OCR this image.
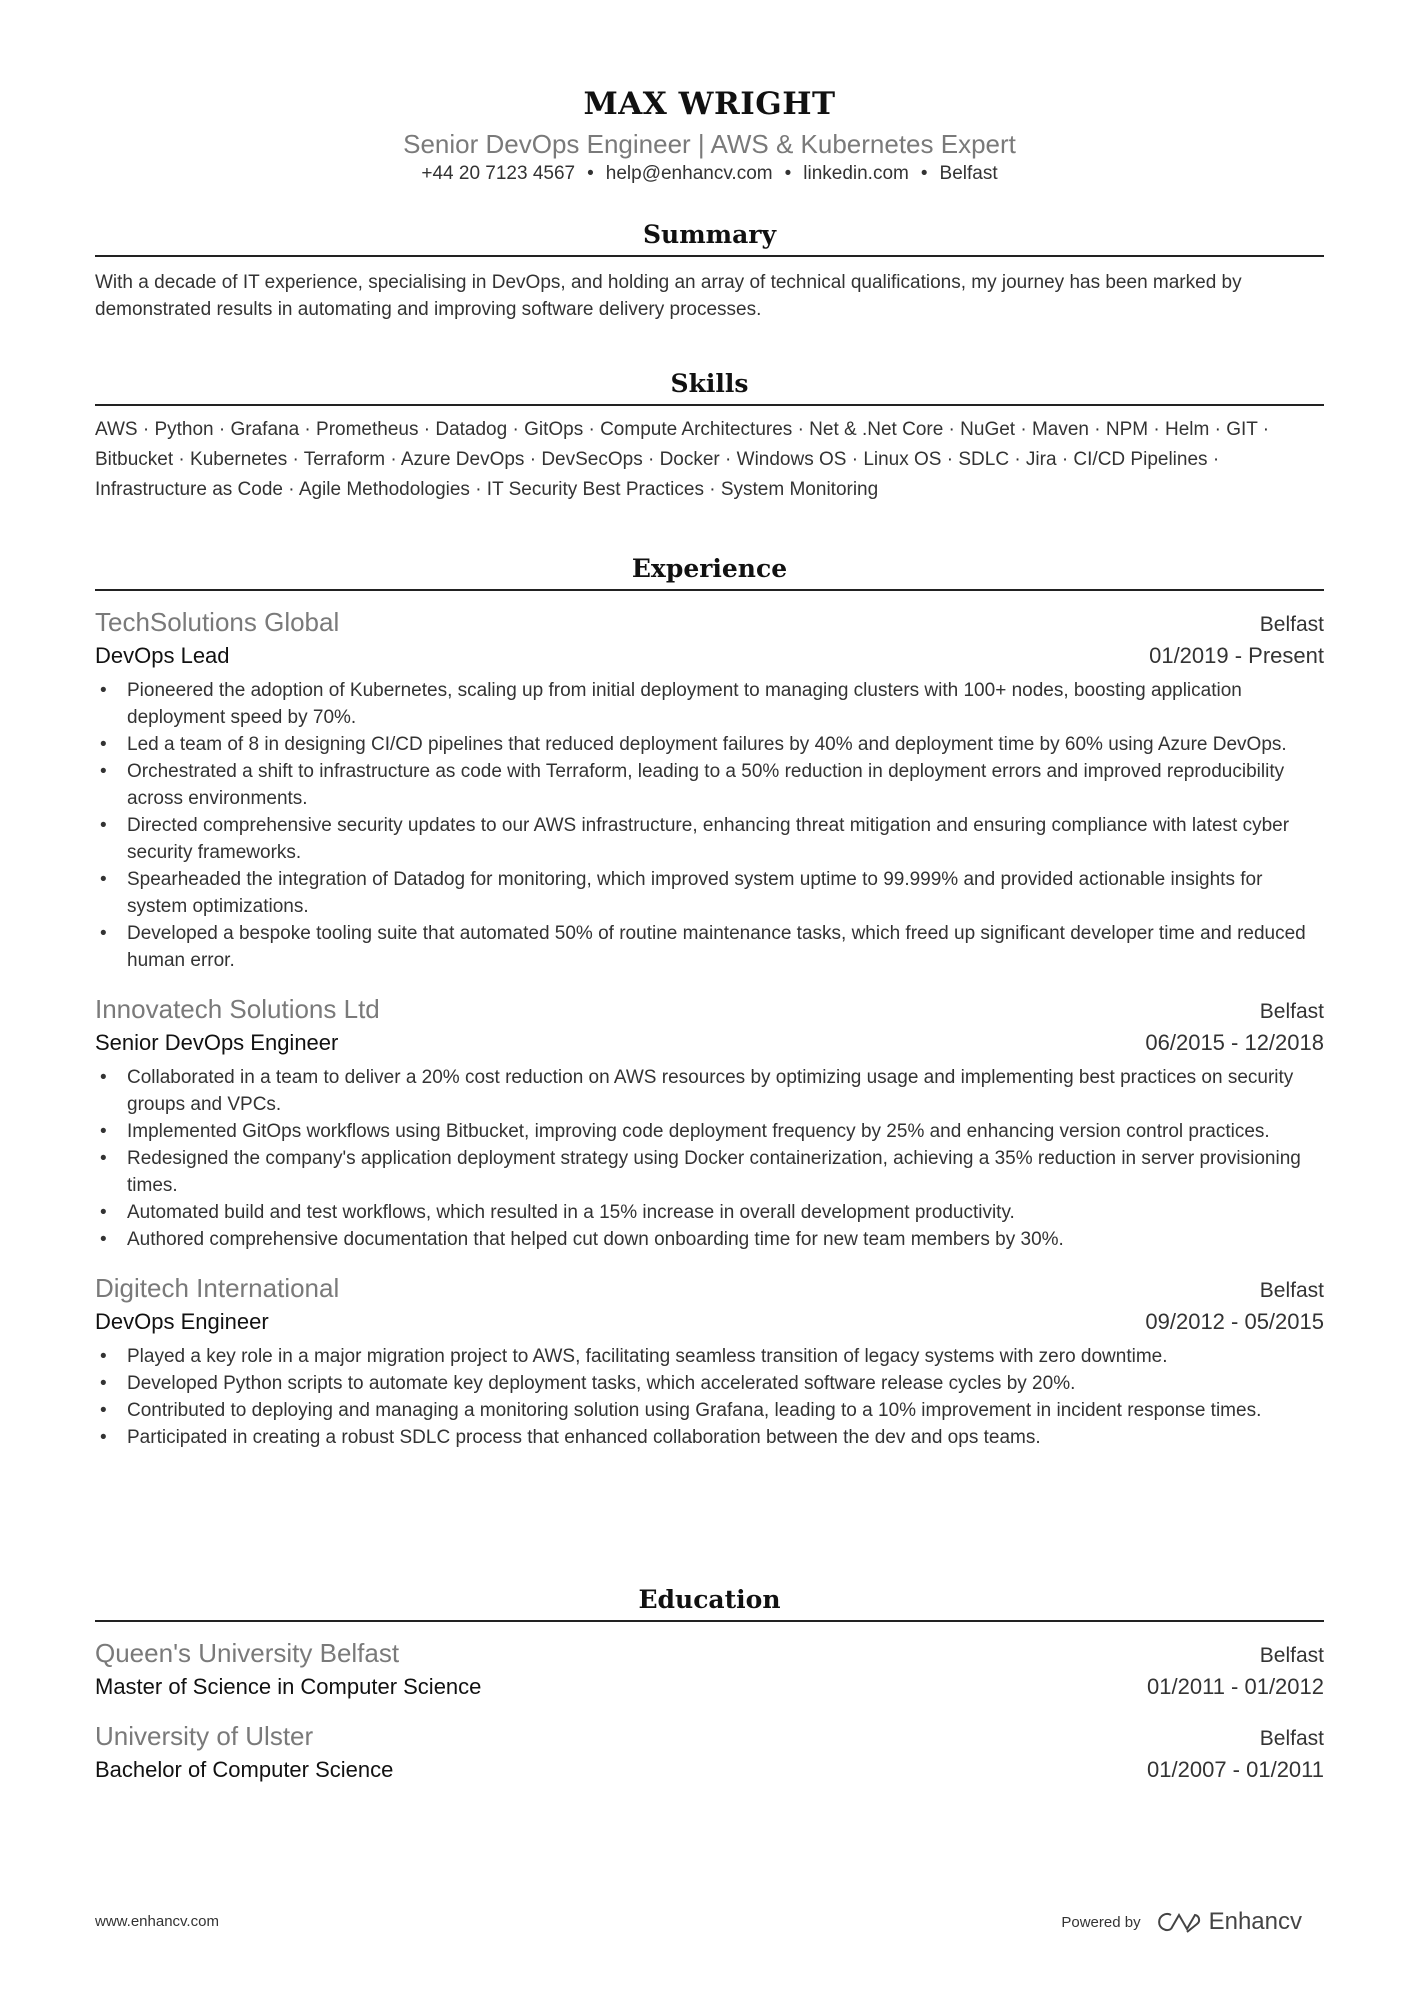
MAX WRIGHT
Senior DevOps Engineer | AWS & Kubernetes Expert
+44 20 7123 4567 • help@enhancv.com • linkedin.com • Belfast
Summary

With a decade of IT experience, specialising in DevOps, and holding an array of technical qualifications, my journey has been marked by demonstrated results in automating and improving software delivery processes.

Skills

AWS · Python · Grafana · Prometheus · Datadog · GitOps · Compute Architectures · Net & .Net Core · NuGet · Maven · NPM · Helm · GIT · Bitbucket · Kubernetes · Terraform · Azure DevOps · DevSecOps · Docker · Windows OS · Linux OS · SDLC · Jira · CI/CD Pipelines · Infrastructure as Code · Agile Methodologies · IT Security Best Practices · System Monitoring

Experience
TechSolutions Global	Belfast
DevOps Lead	01/2019 - Present
• Pioneered the adoption of Kubernetes, scaling up from initial deployment to managing clusters with 100+ nodes, boosting application deployment speed by 70%.
• Led a team of 8 in designing CI/CD pipelines that reduced deployment failures by 40% and deployment time by 60% using Azure DevOps.
• Orchestrated a shift to infrastructure as code with Terraform, leading to a 50% reduction in deployment errors and improved reproducibility across environments.
• Directed comprehensive security updates to our AWS infrastructure, enhancing threat mitigation and ensuring compliance with latest cyber security frameworks.
• Spearheaded the integration of Datadog for monitoring, which improved system uptime to 99.999% and provided actionable insights for system optimizations.
• Developed a bespoke tooling suite that automated 50% of routine maintenance tasks, which freed up significant developer time and reduced human error.
Innovatech Solutions Ltd	Belfast
Senior DevOps Engineer	06/2015 - 12/2018
• Collaborated in a team to deliver a 20% cost reduction on AWS resources by optimizing usage and implementing best practices on security groups and VPCs.
• Implemented GitOps workflows using Bitbucket, improving code deployment frequency by 25% and enhancing version control practices.
• Redesigned the company's application deployment strategy using Docker containerization, achieving a 35% reduction in server provisioning times.
• Automated build and test workflows, which resulted in a 15% increase in overall development productivity.
• Authored comprehensive documentation that helped cut down onboarding time for new team members by 30%.
Digitech International	Belfast
DevOps Engineer	09/2012 - 05/2015
• Played a key role in a major migration project to AWS, facilitating seamless transition of legacy systems with zero downtime.
• Developed Python scripts to automate key deployment tasks, which accelerated software release cycles by 20%.
• Contributed to deploying and managing a monitoring solution using Grafana, leading to a 10% improvement in incident response times.
• Participated in creating a robust SDLC process that enhanced collaboration between the dev and ops teams.
Education
Queen's University Belfast	Belfast
Master of Science in Computer Science	01/2011 - 01/2012
University of Ulster	Belfast
Bachelor of Computer Science	01/2007 - 01/2011
www.enhancv.com	Powered by	Enhancv
